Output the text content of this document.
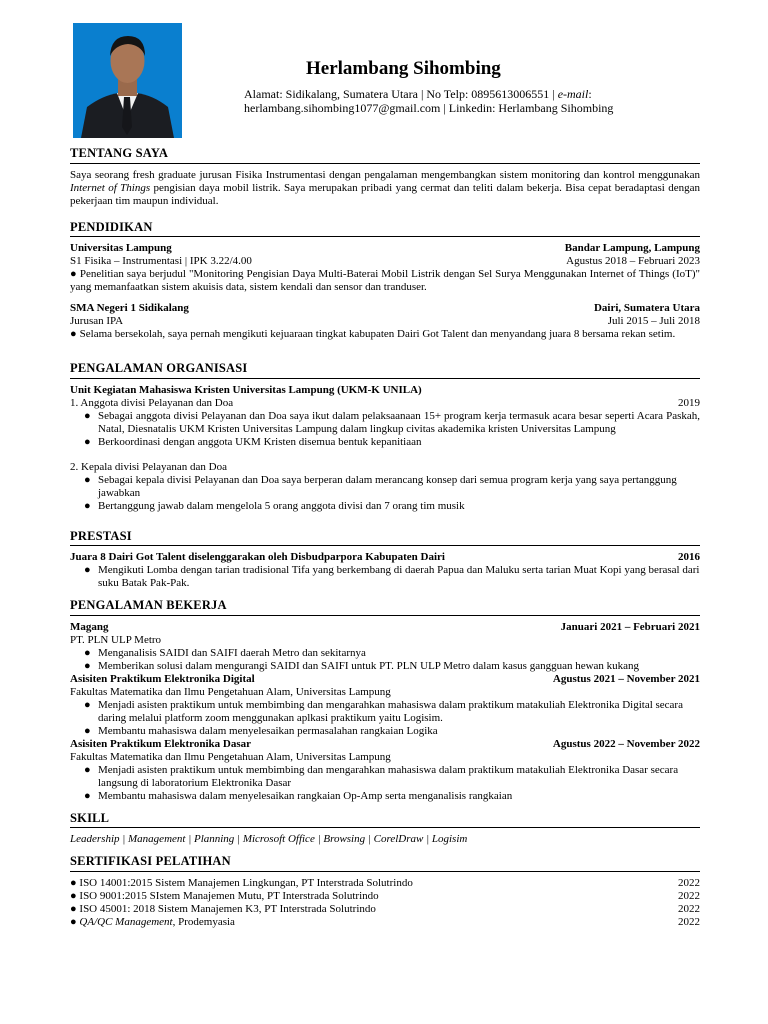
Herlambang Sihombing
Alamat: Sidikalang, Sumatera Utara | No Telp: 0895613006551 | e-mail: herlambang.sihombing1077@gmail.com | Linkedin: Herlambang Sihombing
TENTANG SAYA
Saya seorang fresh graduate jurusan Fisika Instrumentasi dengan pengalaman mengembangkan sistem monitoring dan kontrol menggunakan Internet of Things pengisian daya mobil listrik. Saya merupakan pribadi yang cermat dan teliti dalam bekerja. Bisa cepat beradaptasi dengan pekerjaan tim maupun individual.
PENDIDIKAN
Universitas Lampung	Bandar Lampung, Lampung
S1 Fisika – Instrumentasi | IPK 3.22/4.00	Agustus 2018 – Februari 2023
● Penelitian saya berjudul "Monitoring Pengisian Daya Multi-Baterai Mobil Listrik dengan Sel Surya Menggunakan Internet of Things (IoT)" yang memanfaatkan sistem akuisis data, sistem kendali dan sensor dan tranduser.
SMA Negeri 1 Sidikalang	Dairi, Sumatera Utara
Jurusan IPA	Juli 2015 – Juli 2018
● Selama bersekolah, saya pernah mengikuti kejuaraan tingkat kabupaten Dairi Got Talent dan menyandang juara 8 bersama rekan setim.
PENGALAMAN ORGANISASI
Unit Kegiatan Mahasiswa Kristen Universitas Lampung (UKM-K UNILA)
1. Anggota divisi Pelayanan dan Doa	2019
● Sebagai anggota divisi Pelayanan dan Doa saya ikut dalam pelaksaanaan 15+ program kerja termasuk acara besar seperti Acara Paskah, Natal, Diesnatalis UKM Kristen Universitas Lampung dalam lingkup civitas akademika kristen Universitas Lampung
● Berkoordinasi dengan anggota UKM Kristen disemua bentuk kepanitiaan
2. Kepala divisi Pelayanan dan Doa
● Sebagai kepala divisi Pelayanan dan Doa saya berperan dalam merancang konsep dari semua program kerja yang saya pertanggung jawabkan
● Bertanggung jawab dalam mengelola 5 orang anggota divisi dan 7 orang tim musik
PRESTASI
Juara 8 Dairi Got Talent diselenggarakan oleh Disbudparpora Kabupaten Dairi	2016
● Mengikuti Lomba dengan tarian tradisional Tifa yang berkembang di daerah Papua dan Maluku serta tarian Muat Kopi yang berasal dari suku Batak Pak-Pak.
PENGALAMAN BEKERJA
Magang	Januari 2021 – Februari 2021
PT. PLN ULP Metro
● Menganalisis SAIDI dan SAIFI daerah Metro dan sekitarnya
● Memberikan solusi dalam mengurangi SAIDI dan SAIFI untuk PT. PLN ULP Metro dalam kasus gangguan hewan kukang
Asisiten Praktikum Elektronika Digital	Agustus 2021 – November 2021
Fakultas Matematika dan Ilmu Pengetahuan Alam, Universitas Lampung
● Menjadi asisten praktikum untuk membimbing dan mengarahkan mahasiswa dalam praktikum matakuliah Elektronika Digital secara daring melalui platform zoom menggunakan aplkasi praktikum yaitu Logisim.
● Membantu mahasiswa dalam menyelesaikan permasalahan rangkaian Logika
Asisiten Praktikum Elektronika Dasar	Agustus 2022 – November 2022
Fakultas Matematika dan Ilmu Pengetahuan Alam, Universitas Lampung
● Menjadi asisten praktikum untuk membimbing dan mengarahkan mahasiswa dalam praktikum matakuliah Elektronika Dasar secara langsung di laboratorium Elektronika Dasar
● Membantu mahasiswa dalam menyelesaikan rangkaian Op-Amp serta menganalisis rangkaian
SKILL
Leadership | Management | Planning | Microsoft Office | Browsing | CorelDraw | Logisim
SERTIFIKASI PELATIHAN
● ISO 14001:2015 Sistem Manajemen Lingkungan, PT Interstrada Solutrindo	2022
● ISO 9001:2015 SIstem Manajemen Mutu, PT Interstrada Solutrindo	2022
● ISO 45001: 2018 Sistem Manajemen K3, PT Interstrada Solutrindo	2022
● QA/QC Management, Prodemyasia	2022
